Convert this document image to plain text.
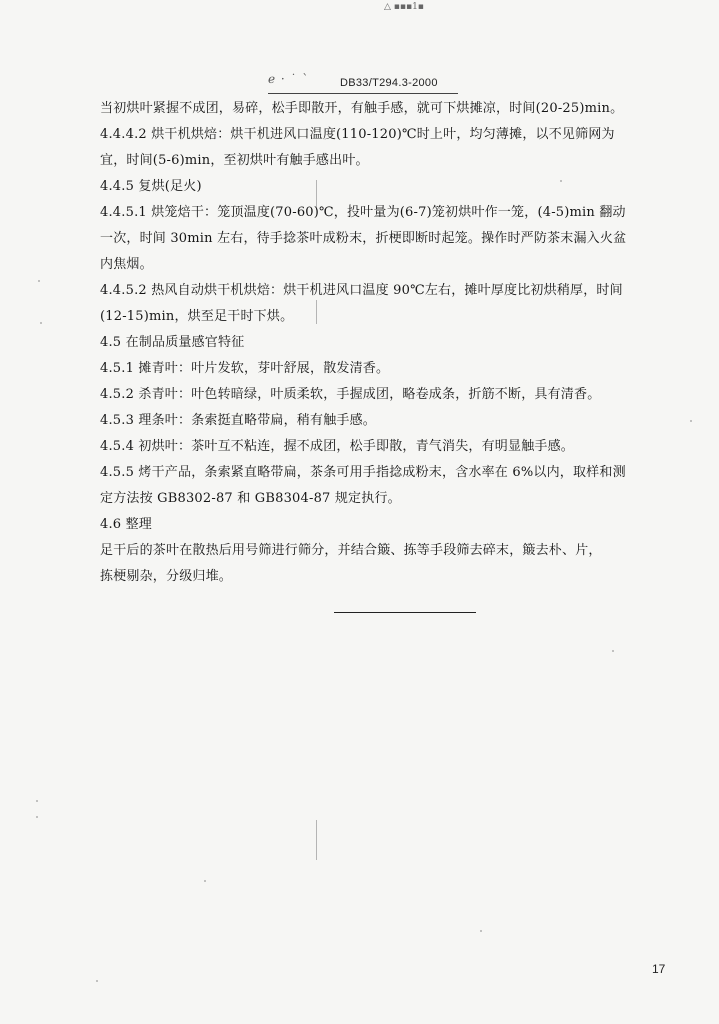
△ ▪▪▪1▪
ℯ · ˙ ˋ	DB33/T294.3-2000
当初烘叶紧握不成团，易碎，松手即散开，有触手感，就可下烘摊凉，时间(20-25)min。
4.4.4.2 烘干机烘焙：烘干机进风口温度(110-120)℃时上叶，均匀薄摊，以不见筛网为
宜，时间(5-6)min，至初烘叶有触手感出叶。
4.4.5 复烘(足火)
4.4.5.1 烘笼焙干：笼顶温度(70-60)℃，投叶量为(6-7)笼初烘叶作一笼，(4-5)min 翻动
一次，时间 30min 左右，待手捻茶叶成粉末，折梗即断时起笼。操作时严防茶末漏入火盆
内焦烟。
4.4.5.2 热风自动烘干机烘焙：烘干机进风口温度 90℃左右，摊叶厚度比初烘稍厚，时间
(12-15)min，烘至足干时下烘。
4.5 在制品质量感官特征
4.5.1 摊青叶：叶片发软，芽叶舒展，散发清香。
4.5.2 杀青叶：叶色转暗绿，叶质柔软，手握成团，略卷成条，折筋不断，具有清香。
4.5.3 理条叶：条索挺直略带扁，稍有触手感。
4.5.4 初烘叶：茶叶互不粘连，握不成团，松手即散，青气消失，有明显触手感。
4.5.5 烤干产品，条索紧直略带扁，茶条可用手指捻成粉末，含水率在 6%以内，取样和测
定方法按 GB8302-87 和 GB8304-87 规定执行。
4.6 整理
足干后的茶叶在散热后用号筛进行筛分，并结合簸、拣等手段筛去碎末，簸去朴、片，
拣梗剔杂，分级归堆。
17
